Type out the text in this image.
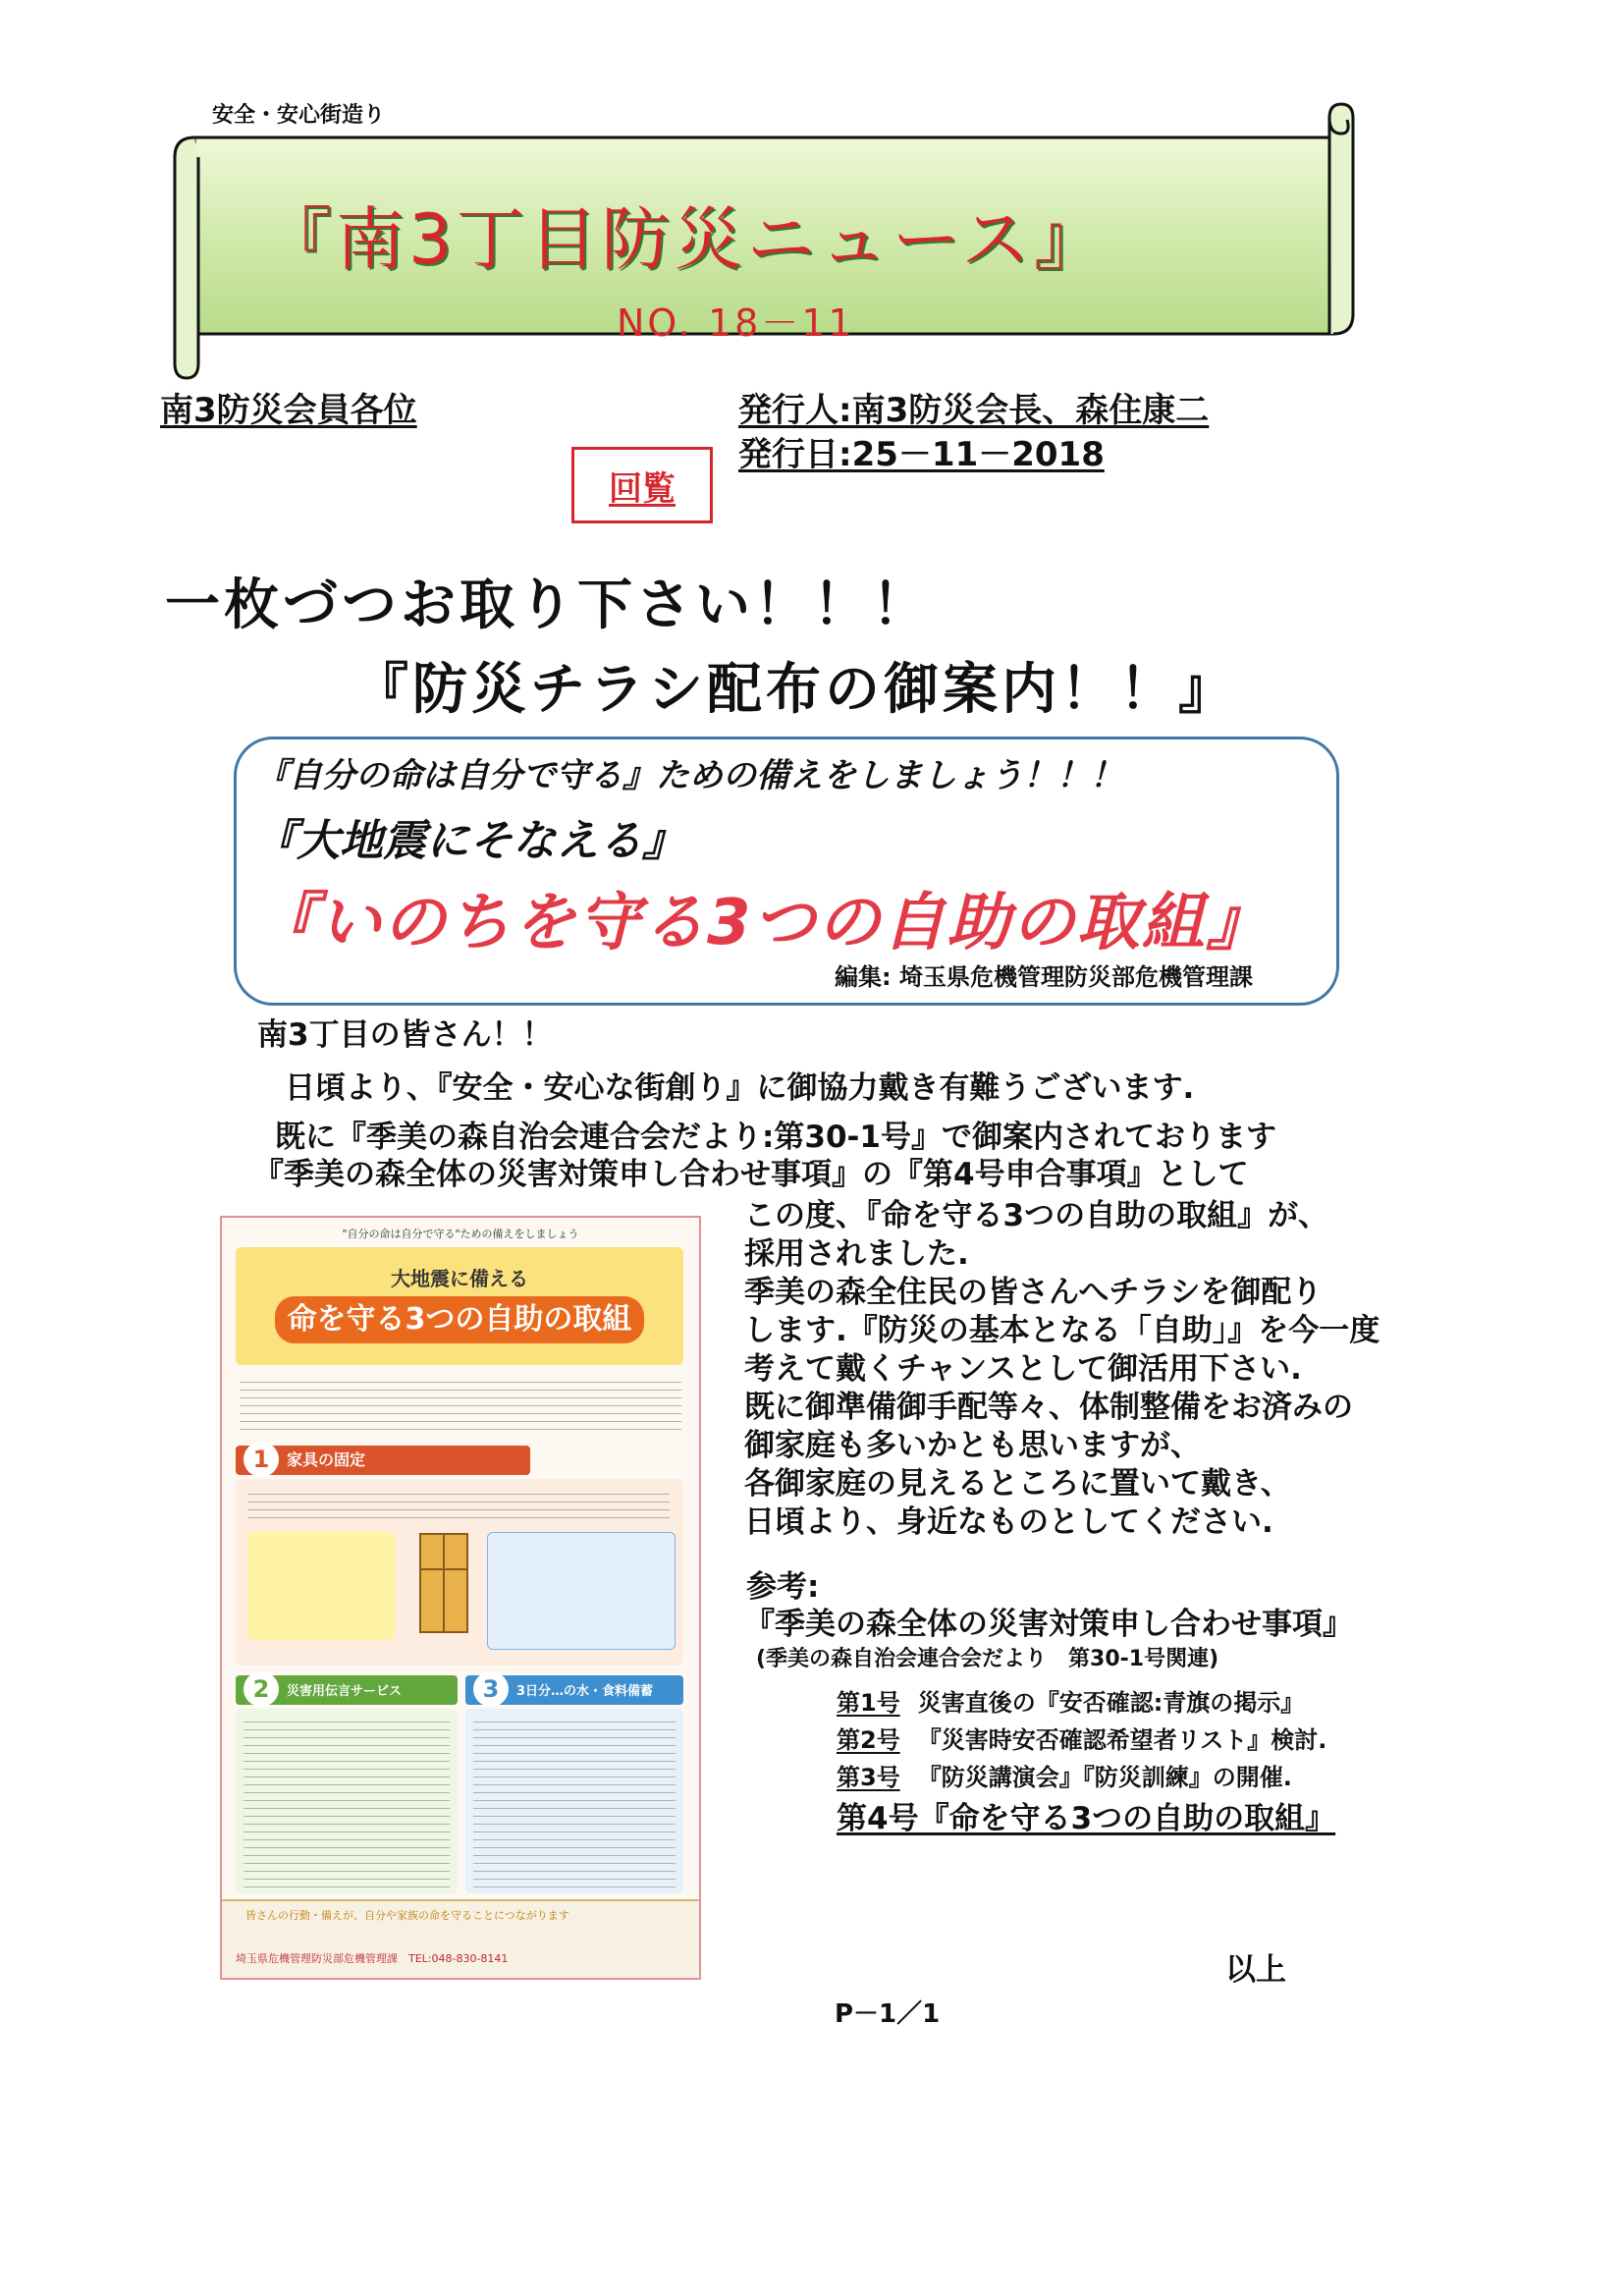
安全・安心街造り
『南3丁目防災ニュース』
NO. 18－11
南3防災会員各位	発行人:南3防災会長、森住康二
発行日:25－11－2018
回覧
一枚づつお取り下さい！！！
『防災チラシ配布の御案内！！』
『自分の命は自分で守る』ための備えをしましょう！！！
『大地震にそなえる』
『いのちを守る3つの自助の取組』
編集: 埼玉県危機管理防災部危機管理課
南3丁目の皆さん！！
日頃より、『安全・安心な街創り』に御協力戴き有難うございます.
既に『季美の森自治会連合会だより:第30-1号』で御案内されております
『季美の森全体の災害対策申し合わせ事項』の『第4号申合事項』として
この度、『命を守る3つの自助の取組』が、
採用されました.
季美の森全住民の皆さんへチラシを御配り
します.『防災の基本となる「自助」』を今一度
考えて戴くチャンスとして御活用下さい.
既に御準備御手配等々、体制整備をお済みの
御家庭も多いかとも思いますが、
各御家庭の見えるところに置いて戴き、
日頃より、身近なものとしてください.
"自分の命は自分で守る"ための備えをしましょう
大地震に備える
命を守る3つの自助の取組
1	家具の固定
2	災害用伝言サービス	3	3日分…の水・食料備蓄
皆さんの行動・備えが、自分や家族の命を守ることにつながります
埼玉県危機管理防災部危機管理課　TEL:048-830-8141
参考:
『季美の森全体の災害対策申し合わせ事項』
(季美の森自治会連合会だより　第30-1号関連)
第1号 災害直後の『安否確認:青旗の掲示』
第2号 『災害時安否確認希望者リスト』検討.
第3号 『防災講演会』『防災訓練』の開催.
第4号『命を守る3つの自助の取組』
以上
P－1／1
